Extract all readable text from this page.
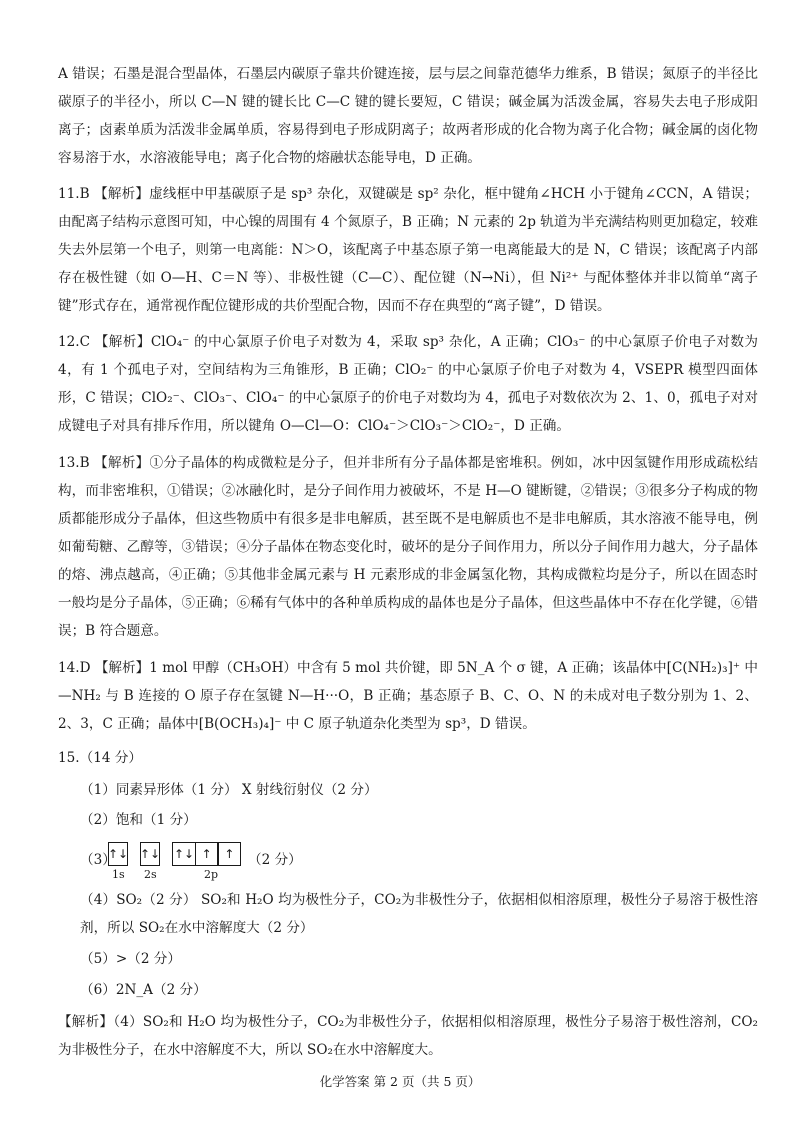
A 错误；石墨是混合型晶体，石墨层内碳原子靠共价键连接，层与层之间靠范德华力维系，B 错误；氮原子的半径比碳原子的半径小，所以 C—N 键的键长比 C—C 键的键长要短，C 错误；碱金属为活泼金属，容易失去电子形成阳离子；卤素单质为活泼非金属单质，容易得到电子形成阴离子；故两者形成的化合物为离子化合物；碱金属的卤化物容易溶于水，水溶液能导电；离子化合物的熔融状态能导电，D 正确。

11.B 【解析】虚线框中甲基碳原子是 sp³ 杂化，双键碳是 sp² 杂化，框中键角∠HCH 小于键角∠CCN，A 错误；由配离子结构示意图可知，中心镍的周围有 4 个氮原子，B 正确；N 元素的 2p 轨道为半充满结构则更加稳定，较难失去外层第一个电子，则第一电离能：N＞O，该配离子中基态原子第一电离能最大的是 N，C 错误；该配离子内部存在极性键（如 O—H、C＝N 等）、非极性键（C—C）、配位键（N→Ni），但 Ni²⁺ 与配体整体并非以简单“离子键”形式存在，通常视作配位键形成的共价型配合物，因而不存在典型的“离子键”，D 错误。

12.C 【解析】ClO₄⁻ 的中心氯原子价电子对数为 4，采取 sp³ 杂化，A 正确；ClO₃⁻ 的中心氯原子价电子对数为 4，有 1 个孤电子对，空间结构为三角锥形，B 正确；ClO₂⁻ 的中心氯原子价电子对数为 4，VSEPR 模型四面体形，C 错误；ClO₂⁻、ClO₃⁻、ClO₄⁻ 的中心氯原子的价电子对数均为 4，孤电子对数依次为 2、1、0，孤电子对对成键电子对具有排斥作用，所以键角 O—Cl—O：ClO₄⁻＞ClO₃⁻＞ClO₂⁻，D 正确。

13.B 【解析】①分子晶体的构成微粒是分子，但并非所有分子晶体都是密堆积。例如，冰中因氢键作用形成疏松结构，而非密堆积，①错误；②冰融化时，是分子间作用力被破坏，不是 H—O 键断键，②错误；③很多分子构成的物质都能形成分子晶体，但这些物质中有很多是非电解质，甚至既不是电解质也不是非电解质，其水溶液不能导电，例如葡萄糖、乙醇等，③错误；④分子晶体在物态变化时，破坏的是分子间作用力，所以分子间作用力越大，分子晶体的熔、沸点越高，④正确；⑤其他非金属元素与 H 元素形成的非金属氢化物，其构成微粒均是分子，所以在固态时一般均是分子晶体，⑤正确；⑥稀有气体中的各种单质构成的晶体也是分子晶体，但这些晶体中不存在化学键，⑥错误；B 符合题意。

14.D 【解析】1 mol 甲醇（CH₃OH）中含有 5 mol 共价键，即 5N_A 个 σ 键，A 正确；该晶体中[C(NH₂)₃]⁺ 中—NH₂ 与 B 连接的 O 原子存在氢键 N—H···O，B 正确；基态原子 B、C、O、N 的未成对电子数分别为 1、2、2、3，C 正确；晶体中[B(OCH₃)₄]⁻ 中 C 原子轨道杂化类型为 sp³，D 错误。

15.（14 分）
（1）同素异形体（1 分） X 射线衍射仪（2 分）
（2）饱和（1 分）
（3）
↑↓ ↑↓ ↑↓ ↑	↑
1s 2s	2p
（2 分）

（4）SO₂（2 分） SO₂和 H₂O 均为极性分子，CO₂为非极性分子，依据相似相溶原理，极性分子易溶于极性溶剂，所以 SO₂在水中溶解度大（2 分）

（5）>（2 分）
（6）2N_A（2 分）

【解析】（4）SO₂和 H₂O 均为极性分子，CO₂为非极性分子，依据相似相溶原理，极性分子易溶于极性溶剂，CO₂为非极性分子，在水中溶解度不大，所以 SO₂在水中溶解度大。

化学答案 第 2 页（共 5 页）
